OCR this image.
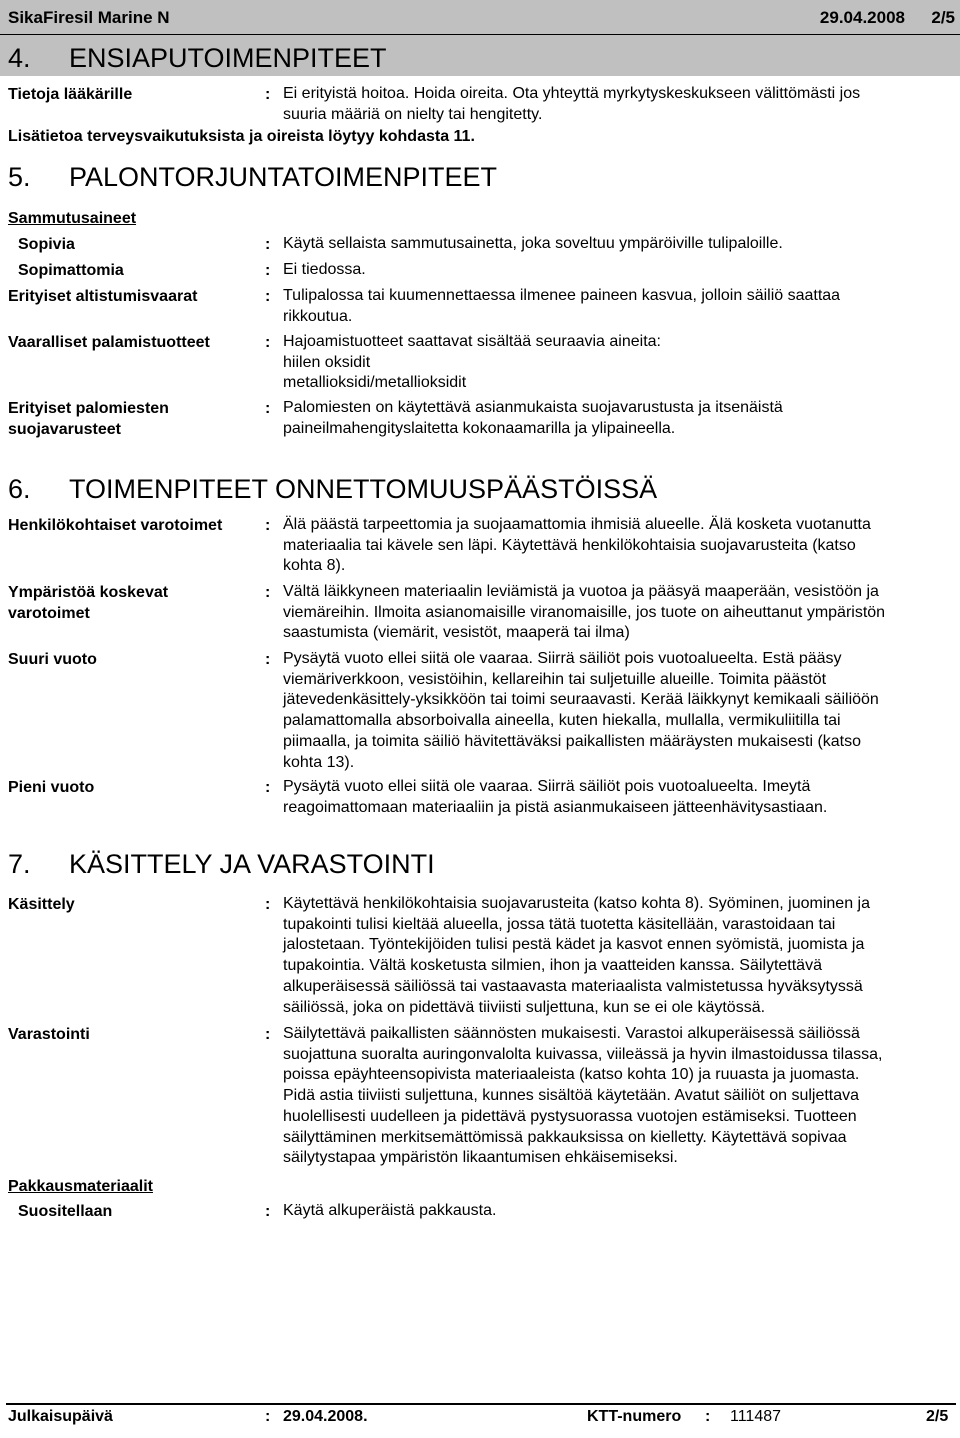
SikaFiresil Marine N	29.04.2008 2/5
4. ENSIAPUTOIMENPITEET
Tietoja lääkärille	: Ei erityistä hoitoa. Hoida oireita. Ota yhteyttä myrkytyskeskukseen välittömästi jos
suuria määriä on nielty tai hengitetty.
Lisätietoa terveysvaikutuksista ja oireista löytyy kohdasta 11.
5. PALONTORJUNTATOIMENPITEET
Sammutusaineet
Sopivia	: Käytä sellaista sammutusainetta, joka soveltuu ympäröiville tulipaloille.
Sopimattomia	: Ei tiedossa.
Erityiset altistumisvaarat	: Tulipalossa tai kuumennettaessa ilmenee paineen kasvua, jolloin säiliö saattaa
rikkoutua.
Vaaralliset palamistuotteet	: Hajoamistuotteet saattavat sisältää seuraavia aineita:
hiilen oksidit
metallioksidi/metallioksidit
Erityiset palomiesten
suojavarusteet
: Palomiesten on käytettävä asianmukaista suojavarustusta ja itsenäistä
paineilmahengityslaitetta kokonaamarilla ja ylipaineella.
6. TOIMENPITEET ONNETTOMUUSPÄÄSTÖISSÄ
Henkilökohtaiset varotoimet	: Älä päästä tarpeettomia ja suojaamattomia ihmisiä alueelle. Älä kosketa vuotanutta
materiaalia tai kävele sen läpi. Käytettävä henkilökohtaisia suojavarusteita (katso
kohta 8).
Ympäristöä koskevat
varotoimet
: Vältä läikkyneen materiaalin leviämistä ja vuotoa ja pääsyä maaperään, vesistöön ja
viemäreihin. Ilmoita asianomaisille viranomaisille, jos tuote on aiheuttanut ympäristön
saastumista (viemärit, vesistöt, maaperä tai ilma)
Suuri vuoto	: Pysäytä vuoto ellei siitä ole vaaraa. Siirrä säiliöt pois vuotoalueelta. Estä pääsy
viemäriverkkoon, vesistöihin, kellareihin tai suljetuille alueille. Toimita päästöt
jätevedenkäsittely-yksikköön tai toimi seuraavasti. Kerää läikkynyt kemikaali säiliöön
palamattomalla absorboivalla aineella, kuten hiekalla, mullalla, vermikuliitilla tai
piimaalla, ja toimita säiliö hävitettäväksi paikallisten määräysten mukaisesti (katso
kohta 13).
Pieni vuoto	: Pysäytä vuoto ellei siitä ole vaaraa. Siirrä säiliöt pois vuotoalueelta. Imeytä
reagoimattomaan materiaaliin ja pistä asianmukaiseen jätteenhävitysastiaan.
7. KÄSITTELY JA VARASTOINTI
Käsittely	: Käytettävä henkilökohtaisia suojavarusteita (katso kohta 8). Syöminen, juominen ja
tupakointi tulisi kieltää alueella, jossa tätä tuotetta käsitellään, varastoidaan tai
jalostetaan. Työntekijöiden tulisi pestä kädet ja kasvot ennen syömistä, juomista ja
tupakointia. Vältä kosketusta silmien, ihon ja vaatteiden kanssa. Säilytettävä
alkuperäisessä säiliössä tai vastaavasta materiaalista valmistetussa hyväksytyssä
säiliössä, joka on pidettävä tiiviisti suljettuna, kun se ei ole käytössä.
Varastointi	: Säilytettävä paikallisten säännösten mukaisesti. Varastoi alkuperäisessä säiliössä
suojattuna suoralta auringonvalolta kuivassa, viileässä ja hyvin ilmastoidussa tilassa,
poissa epäyhteensopivista materiaaleista (katso kohta 10) ja ruuasta ja juomasta.
Pidä astia tiiviisti suljettuna, kunnes sisältöä käytetään. Avatut säiliöt on suljettava
huolellisesti uudelleen ja pidettävä pystysuorassa vuotojen estämiseksi. Tuotteen
säilyttäminen merkitsemättömissä pakkauksissa on kielletty. Käytettävä sopivaa
säilytystapaa ympäristön likaantumisen ehkäisemiseksi.
Pakkausmateriaalit
Suositellaan	: Käytä alkuperäistä pakkausta.
Julkaisupäivä	: 29.04.2008.	KTT-numero : 111487	2/5
